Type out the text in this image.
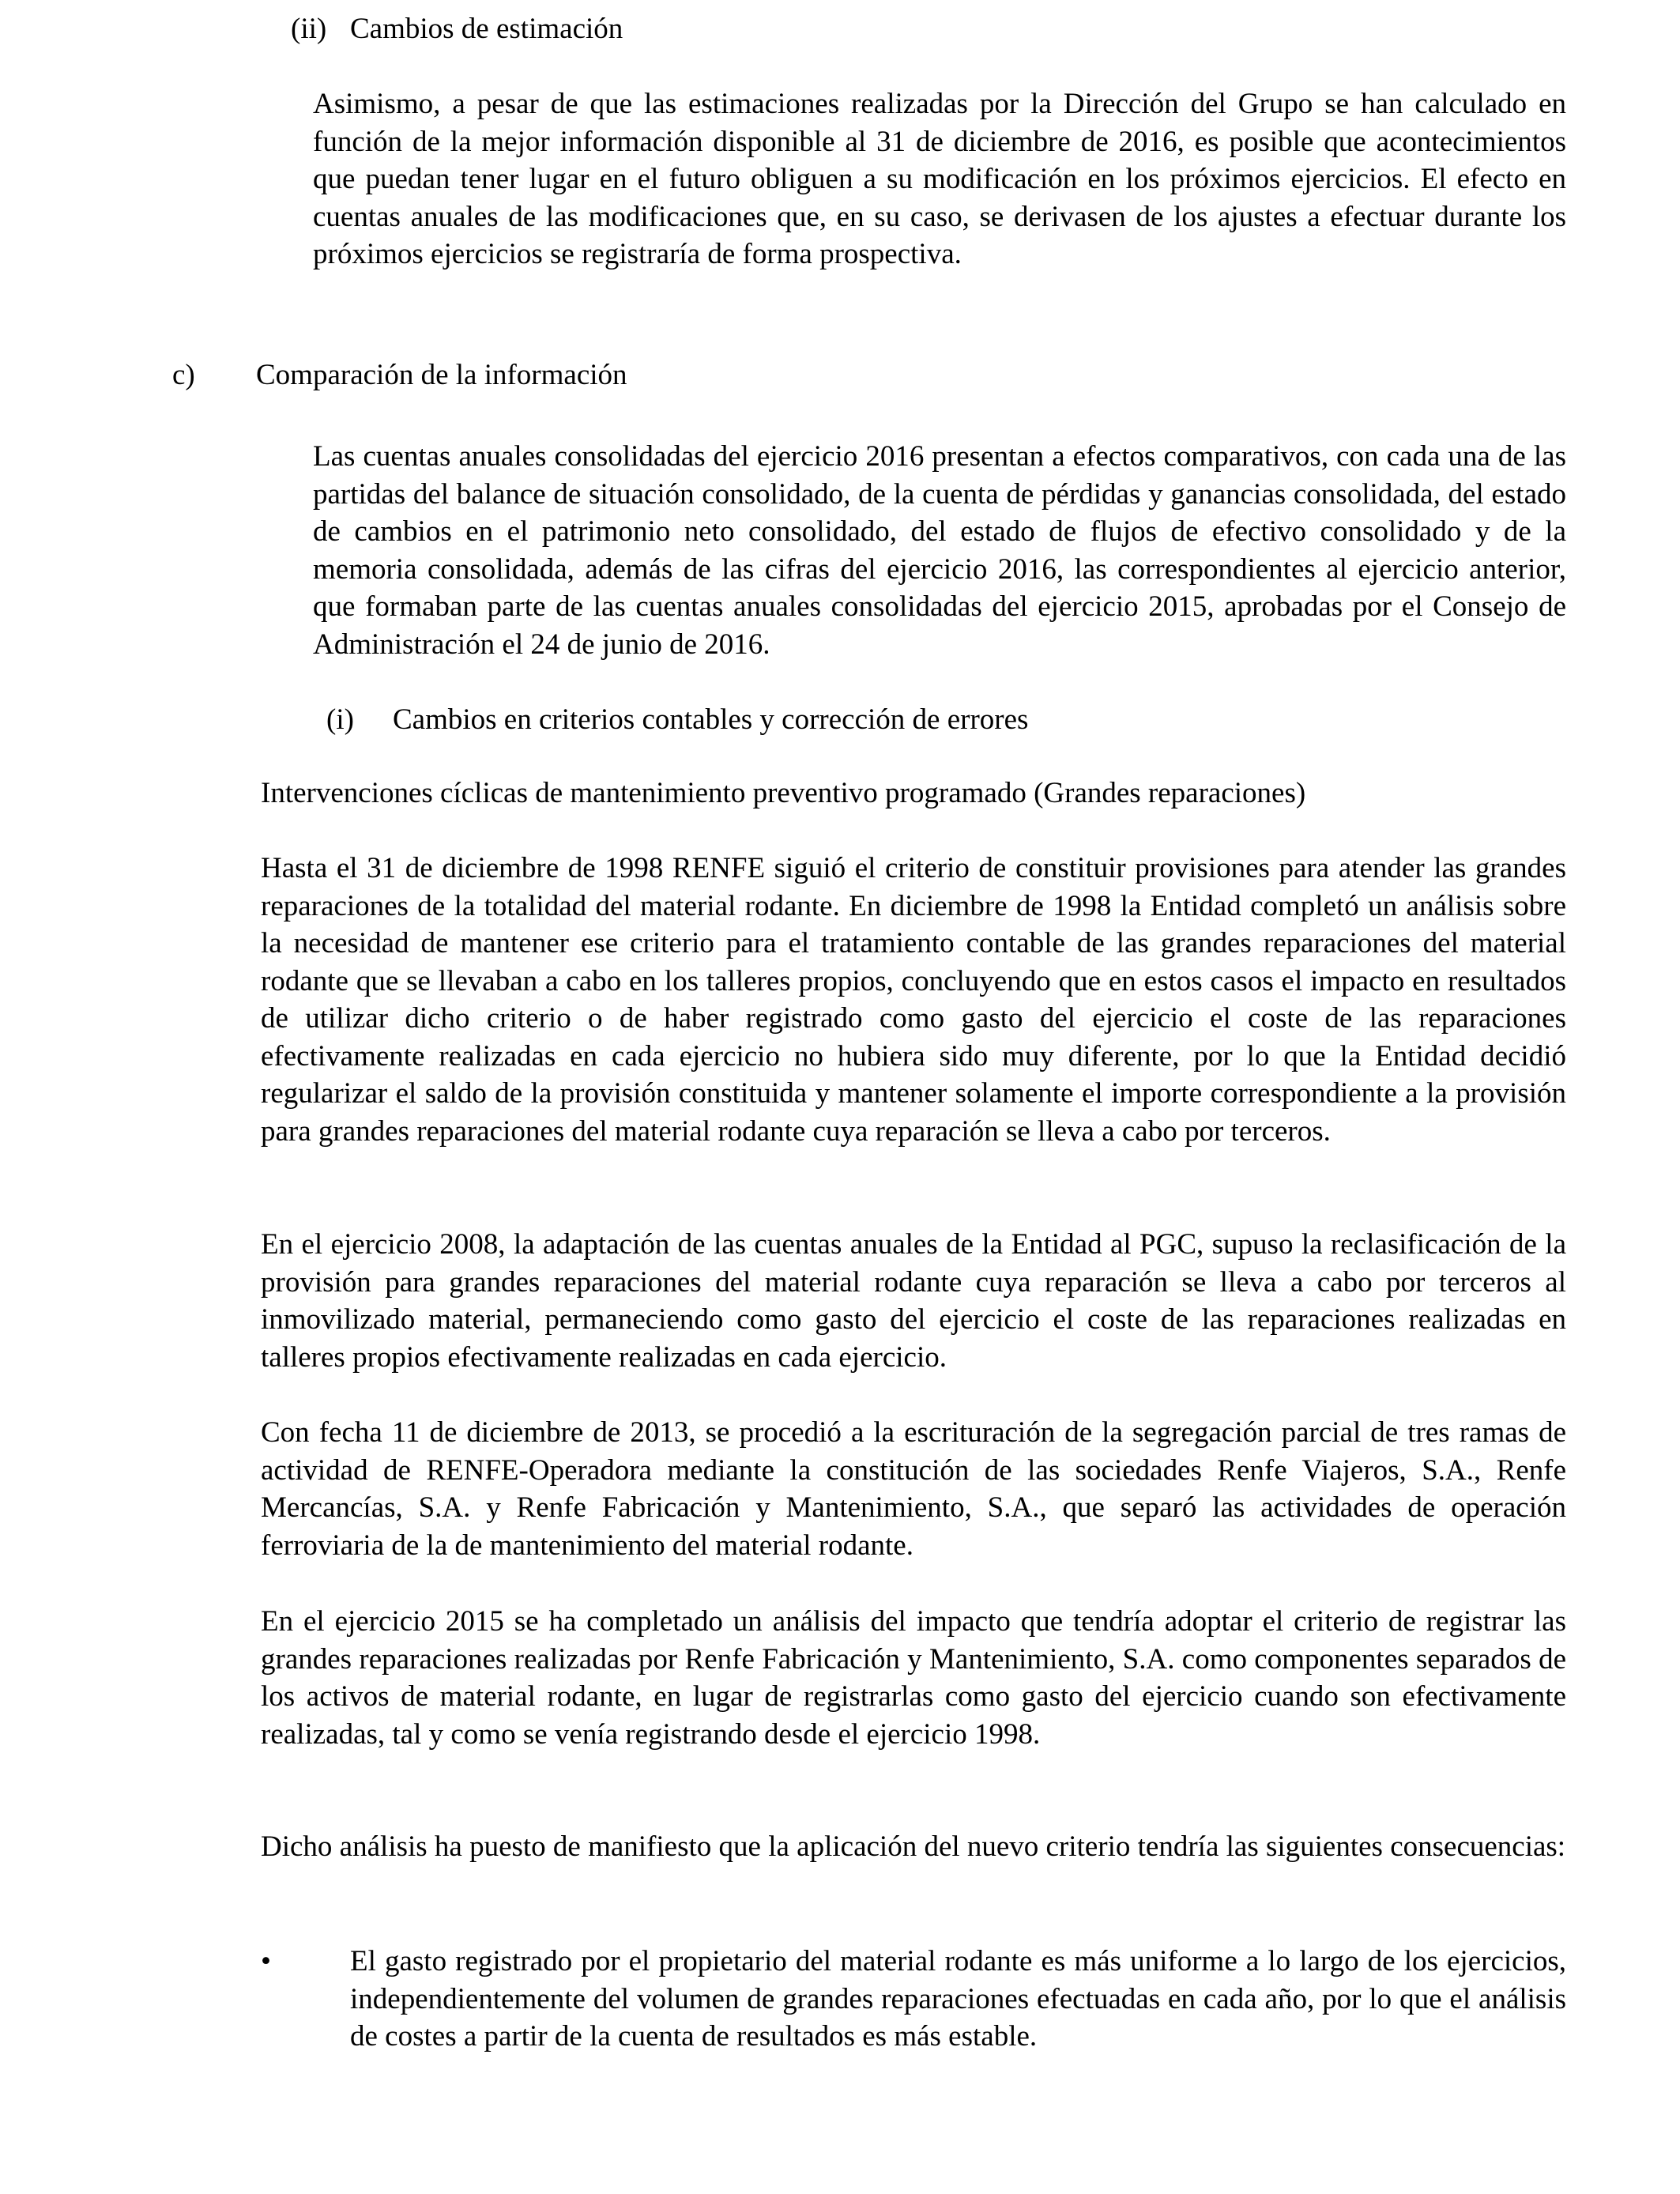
(ii) Cambios de estimación
Asimismo, a pesar de que las estimaciones realizadas por la Dirección del Grupo se han calculado en función de la mejor información disponible al 31 de diciembre de 2016, es posible que acontecimientos que puedan tener lugar en el futuro obliguen a su modificación en los próximos ejercicios. El efecto en cuentas anuales de las modificaciones que, en su caso, se derivasen de los ajustes a efectuar durante los próximos ejercicios se registraría de forma prospectiva.
c) Comparación de la información
Las cuentas anuales consolidadas del ejercicio 2016 presentan a efectos comparativos, con cada una de las partidas del balance de situación consolidado, de la cuenta de pérdidas y ganancias consolidada, del estado de cambios en el patrimonio neto consolidado, del estado de flujos de efectivo consolidado y de la memoria consolidada, además de las cifras del ejercicio 2016, las correspondientes al ejercicio anterior, que formaban parte de las cuentas anuales consolidadas del ejercicio 2015, aprobadas por el Consejo de Administración el 24 de junio de 2016.
(i) Cambios en criterios contables y corrección de errores
Intervenciones cíclicas de mantenimiento preventivo programado (Grandes reparaciones)
Hasta el 31 de diciembre de 1998 RENFE siguió el criterio de constituir provisiones para atender las grandes reparaciones de la totalidad del material rodante. En diciembre de 1998 la Entidad completó un análisis sobre la necesidad de mantener ese criterio para el tratamiento contable de las grandes reparaciones del material rodante que se llevaban a cabo en los talleres propios, concluyendo que en estos casos el impacto en resultados de utilizar dicho criterio o de haber registrado como gasto del ejercicio el coste de las reparaciones efectivamente realizadas en cada ejercicio no hubiera sido muy diferente, por lo que la Entidad decidió regularizar el saldo de la provisión constituida y mantener solamente el importe correspondiente a la provisión para grandes reparaciones del material rodante cuya reparación se lleva a cabo por terceros.
En el ejercicio 2008, la adaptación de las cuentas anuales de la Entidad al PGC, supuso la reclasificación de la provisión para grandes reparaciones del material rodante cuya reparación se lleva a cabo por terceros al inmovilizado material, permaneciendo como gasto del ejercicio el coste de las reparaciones realizadas en talleres propios efectivamente realizadas en cada ejercicio.
Con fecha 11 de diciembre de 2013, se procedió a la escrituración de la segregación parcial de tres ramas de actividad de RENFE-Operadora mediante la constitución de las sociedades Renfe Viajeros, S.A., Renfe Mercancías, S.A. y Renfe Fabricación y Mantenimiento, S.A., que separó las actividades de operación ferroviaria de la de mantenimiento del material rodante.
En el ejercicio 2015 se ha completado un análisis del impacto que tendría adoptar el criterio de registrar las grandes reparaciones realizadas por Renfe Fabricación y Mantenimiento, S.A. como componentes separados de los activos de material rodante, en lugar de registrarlas como gasto del ejercicio cuando son efectivamente realizadas, tal y como se venía registrando desde el ejercicio 1998.
Dicho análisis ha puesto de manifiesto que la aplicación del nuevo criterio tendría las siguientes consecuencias:
•	El gasto registrado por el propietario del material rodante es más uniforme a lo largo de los ejercicios, independientemente del volumen de grandes reparaciones efectuadas en cada año, por lo que el análisis de costes a partir de la cuenta de resultados es más estable.
